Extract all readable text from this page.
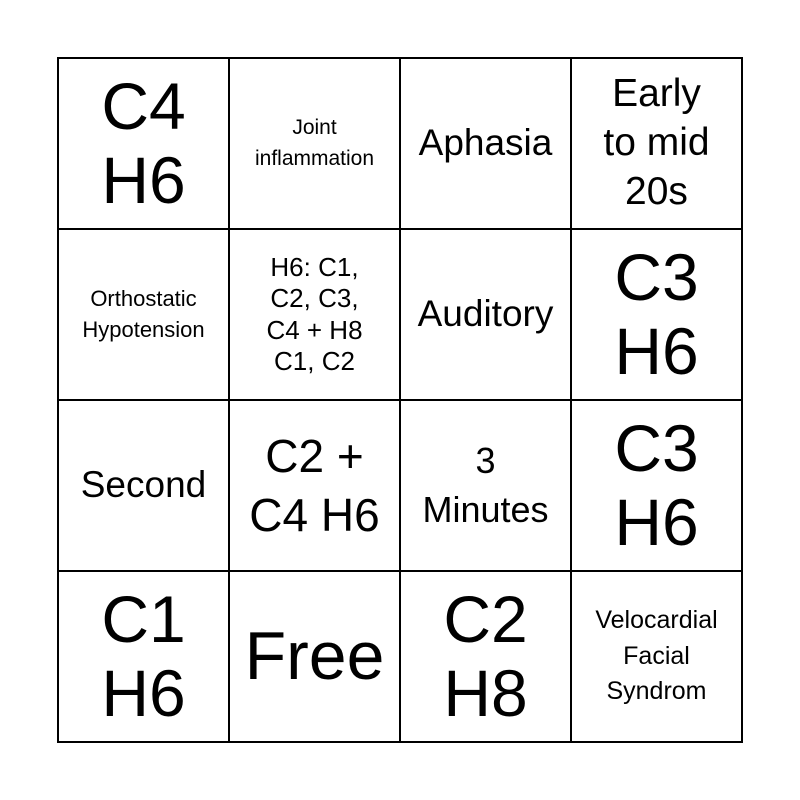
C4
H6
Joint
inflammation Aphasia
Early
to mid
20s
Orthostatic
Hypotension
H6: C1,
C2, C3,
C4 + H8
C1, C2
Auditory
C3
H6
Second
C2 +
C4 H6
3
Minutes
C3
H6
C1
H6 Free C2
H8
Velocardial
Facial
Syndrom
